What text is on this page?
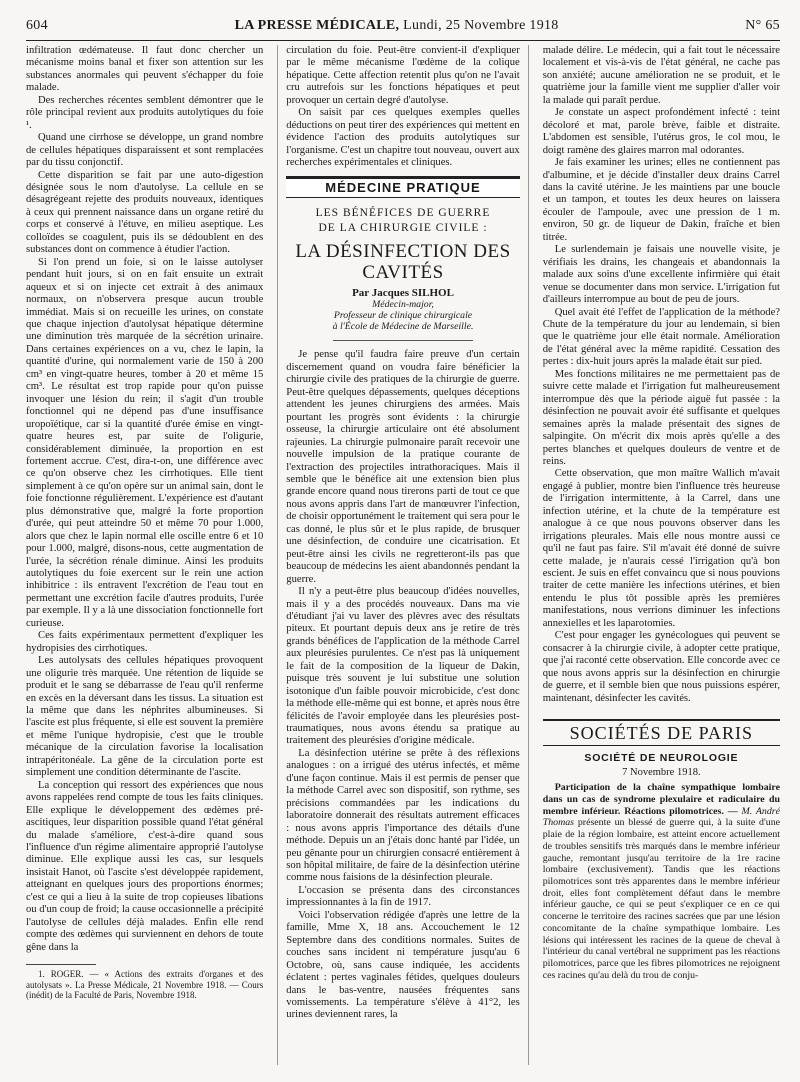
604	LA PRESSE MÉDICALE, Lundi, 25 Novembre 1918	N° 65

infiltration œdémateuse. Il faut donc chercher un mécanisme moins banal et fixer son attention sur les substances anormales qui peuvent s'échapper du foie malade.

Des recherches récentes semblent démontrer que le rôle principal revient aux produits autolytiques du foie ¹.

Quand une cirrhose se développe, un grand nombre de cellules hépatiques disparaissent et sont remplacées par du tissu conjonctif.

Cette disparition se fait par une auto-digestion désignée sous le nom d'autolyse. La cellule en se désagrégeant rejette des produits nouveaux, identiques à ceux qui prennent naissance dans un organe retiré du corps et conservé à l'étuve, en milieu aseptique. Les colloïdes se coagulent, puis ils se dédoublent en des substances dont on commence à étudier l'action.

Si l'on prend un foie, si on le laisse autolyser pendant huit jours, si on en fait ensuite un extrait aqueux et si on injecte cet extrait à des animaux normaux, on n'observera presque aucun trouble immédiat. Mais si on recueille les urines, on constate que chaque injection d'autolysat hépatique détermine une diminution très marquée de la sécrétion urinaire. Dans certaines expériences on a vu, chez le lapin, la quantité d'urine, qui normalement varie de 150 à 200 cm³ en vingt-quatre heures, tomber à 20 et même 15 cm³. Le résultat est trop rapide pour qu'on puisse invoquer une lésion du rein; il s'agit d'un trouble fonctionnel qui ne dépend pas d'une insuffisance uropoïétique, car si la quantité d'urée émise en vingt-quatre heures est, par suite de l'oligurie, considérablement diminuée, la proportion en est fortement accrue. C'est, dira-t-on, une différence avec ce qu'on observe chez les cirrhotiques. Elle tient simplement à ce qu'on opère sur un animal sain, dont le foie fonctionne régulièrement. L'expérience est d'autant plus démonstrative que, malgré la forte proportion d'urée, qui peut atteindre 50 et même 70 pour 1.000, alors que chez le lapin normal elle oscille entre 6 et 10 pour 1.000, malgré, disons-nous, cette augmentation de l'urée, la sécrétion rénale diminue. Ainsi les produits autolytiques du foie exercent sur le rein une action inhibitrice : ils entravent l'excrétion de l'eau tout en permettant une excrétion facile d'autres produits, l'urée par exemple. Il y a là une dissociation fonctionnelle fort curieuse.

Ces faits expérimentaux permettent d'expliquer les hydropisies des cirrhotiques.

Les autolysats des cellules hépatiques provoquent une oligurie très marquée. Une rétention de liquide se produit et le sang se débarrasse de l'eau qu'il renferme en excès en la déversant dans les tissus. La situation est la même que dans les néphrites albumineuses. Si l'ascite est plus fréquente, si elle est souvent la première et même l'unique hydropisie, c'est que le trouble mécanique de la circulation favorise la localisation intrapéritonéale. La gêne de la circulation porte est simplement une condition déterminante de l'ascite.

La conception qui ressort des expériences que nous avons rappelées rend compte de tous les faits cliniques. Elle explique le développement des œdèmes pré-ascitiques, leur disparition possible quand l'état général du malade s'améliore, c'est-à-dire quand sous l'influence d'un régime alimentaire approprié l'autolyse diminue. Elle explique aussi les cas, sur lesquels insistait Hanot, où l'ascite s'est développée rapidement, atteignant en quelques jours des proportions énormes; c'est ce qui a lieu à la suite de trop copieuses libations ou d'un coup de froid; la cause occasionnelle a précipité l'autolyse de cellules déjà malades. Enfin elle rend compte des œdèmes qui surviennent en dehors de toute gêne dans la

1. ROGER. — « Actions des extraits d'organes et des autolysats ». La Presse Médicale, 21 Novembre 1918. — Cours (inédit) de la Faculté de Paris, Novembre 1918.

circulation du foie. Peut-être convient-il d'expliquer par le même mécanisme l'œdème de la colique hépatique. Cette affection retentit plus qu'on ne l'avait cru autrefois sur les fonctions hépatiques et peut provoquer un certain degré d'autolyse.

On saisit par ces quelques exemples quelles déductions on peut tirer des expériences qui mettent en évidence l'action des produits autolytiques sur l'organisme. C'est un chapitre tout nouveau, ouvert aux recherches expérimentales et cliniques.

MÉDECINE PRATIQUE
LES BÉNÉFICES DE GUERRE
DE LA CHIRURGIE CIVILE :
LA DÉSINFECTION DES CAVITÉS
Par Jacques SILHOL
Médecin-major,
Professeur de clinique chirurgicale
à l'École de Médecine de Marseille.

Je pense qu'il faudra faire preuve d'un certain discernement quand on voudra faire bénéficier la chirurgie civile des pratiques de la chirurgie de guerre. Peut-être quelques dépassements, quelques déceptions attendent les jeunes chirurgiens des armées. Mais pourtant les progrès sont évidents : la chirurgie osseuse, la chirurgie articulaire ont été absolument rajeunies. La chirurgie pulmonaire paraît recevoir une nouvelle impulsion de la pratique courante de l'extraction des projectiles intrathoraciques. Mais il semble que le bénéfice ait une extension bien plus grande encore quand nous tirerons parti de tout ce que nous avons appris dans l'art de manœuvrer l'infection, de choisir opportunément le traitement qui sera pour le cas donné, le plus sûr et le plus rapide, de brusquer une désinfection, de conduire une cicatrisation. Et peut-être ainsi les civils ne regretteront-ils pas que beaucoup de médecins les aient abandonnés pendant la guerre.

Il n'y a peut-être plus beaucoup d'idées nouvelles, mais il y a des procédés nouveaux. Dans ma vie d'étudiant j'ai vu laver des plèvres avec des résultats piteux. Et pourtant depuis deux ans je retire de très grands bénéfices de l'application de la méthode Carrel aux pleurésies purulentes. Ce n'est pas là uniquement le fait de la composition de la liqueur de Dakin, puisque très souvent je lui substitue une solution isotonique d'un faible pouvoir microbicide, c'est donc la méthode elle-même qui est bonne, et après nous être félicités de l'avoir employée dans les pleurésies post-traumatiques, nous avons étendu sa pratique au traitement des pleurésies d'origine médicale.

La désinfection utérine se prête à des réflexions analogues : on a irrigué des utérus infectés, et même d'une façon continue. Mais il est permis de penser que la méthode Carrel avec son dispositif, son rythme, ses précisions commandées par les indications du laboratoire donnerait des résultats autrement efficaces : nous avons appris l'importance des détails d'une méthode. Depuis un an j'étais donc hanté par l'idée, un peu gênante pour un chirurgien consacré entièrement à son hôpital militaire, de faire de la désinfection utérine comme nous faisions de la désinfection pleurale.

L'occasion se présenta dans des circonstances impressionnantes à la fin de 1917.

Voici l'observation rédigée d'après une lettre de la famille, Mme X, 18 ans. Accouchement le 12 Septembre dans des conditions normales. Suites de couches sans incident ni température jusqu'au 6 Octobre, où, sans cause indiquée, les accidents éclatent : pertes vaginales fétides, quelques douleurs dans le bas-ventre, nausées fréquentes sans vomissements. La température s'élève à 41°2, les urines deviennent rares, la

malade délire. Le médecin, qui a fait tout le nécessaire localement et vis-à-vis de l'état général, ne cache pas son anxiété; aucune amélioration ne se produit, et le quatrième jour la famille vient me supplier d'aller voir la malade qui paraît perdue.

Je constate un aspect profondément infecté : teint décoloré et mat, parole brève, faible et distraite. L'abdomen est sensible, l'utérus gros, le col mou, le doigt ramène des glaires marron mal odorantes.

Je fais examiner les urines; elles ne contiennent pas d'albumine, et je décide d'installer deux drains Carrel dans la cavité utérine. Je les maintiens par une boucle et un tampon, et toutes les deux heures on laissera écouler de l'ampoule, avec une pression de 1 m. environ, 50 gr. de liqueur de Dakin, fraîche et bien titrée.

Le surlendemain je faisais une nouvelle visite, je vérifiais les drains, les changeais et abandonnais la malade aux soins d'une excellente infirmière qui était venue se documenter dans mon service. L'irrigation fut d'ailleurs interrompue au bout de peu de jours.

Quel avait été l'effet de l'application de la méthode? Chute de la température du jour au lendemain, si bien que le quatrième jour elle était normale. Amélioration de l'état général avec la même rapidité. Cessation des pertes : dix-huit jours après la malade était sur pied.

Mes fonctions militaires ne me permettaient pas de suivre cette malade et l'irrigation fut malheureusement interrompue dès que la période aiguë fut passée : la désinfection ne pouvait avoir été suffisante et quelques semaines après la malade présentait des signes de salpingite. On m'écrit dix mois après qu'elle a des pertes blanches et quelques douleurs de ventre et de reins.

Cette observation, que mon maître Wallich m'avait engagé à publier, montre bien l'influence très heureuse de l'irrigation intermittente, à la Carrel, dans une infection utérine, et la chute de la température est analogue à ce que nous pouvons observer dans les irrigations pleurales. Mais elle nous montre aussi ce qu'il ne faut pas faire. S'il m'avait été donné de suivre cette malade, je n'aurais cessé l'irrigation qu'à bon escient. Je suis en effet convaincu que si nous pouvions traiter de cette manière les infections utérines, et bien entendu le plus tôt possible après les premières manifestations, nous verrions diminuer les infections annexielles et les laparotomies.

C'est pour engager les gynécologues qui peuvent se consacrer à la chirurgie civile, à adopter cette pratique, que j'ai raconté cette observation. Elle concorde avec ce que nous avons appris sur la désinfection en chirurgie de guerre, et il semble bien que nous puissions espérer, maintenant, désinfecter les cavités.

SOCIÉTÉS DE PARIS
SOCIÉTÉ DE NEUROLOGIE
7 Novembre 1918.

Participation de la chaîne sympathique lombaire dans un cas de syndrome plexulaire et radiculaire du membre inférieur. Réactions pilomotrices. — M. André Thomas présente un blessé de guerre qui, à la suite d'une plaie de la région lombaire, est atteint encore actuellement de troubles sensitifs très marqués dans le membre inférieur gauche, remontant jusqu'au territoire de la 1re racine lombaire (exclusivement). Tandis que les réactions pilomotrices sont très apparentes dans le membre inférieur droit, elles font complètement défaut dans le membre inférieur gauche, ce qui se peut s'expliquer ce en ce qui concerne le territoire des racines sacrées que par une lésion concomitante de la chaîne sympathique lombaire. Les lésions qui intéressent les racines de la queue de cheval à l'intérieur du canal vertébral ne suppriment pas les réactions pilomotrices, parce que les fibres pilomotrices ne rejoignent ces racines qu'au delà du trou de conju-
